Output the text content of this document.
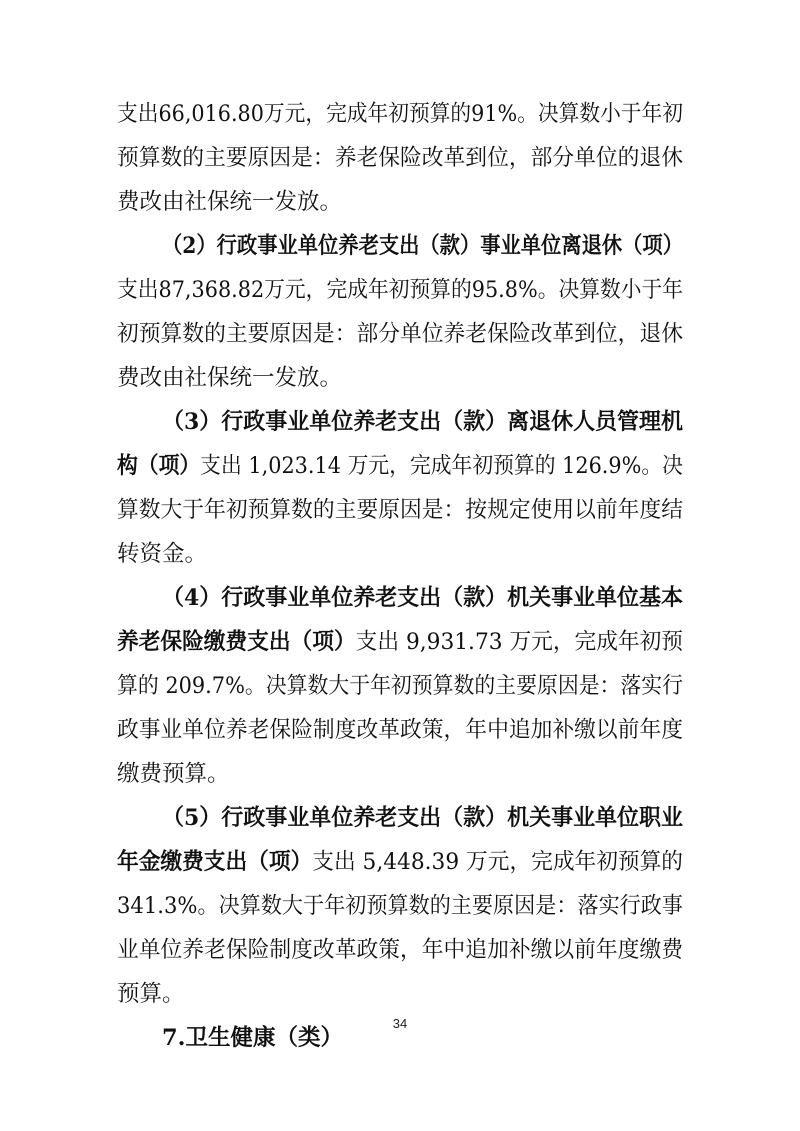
支出66,016.80万元，完成年初预算的91%。决算数小于年初
预算数的主要原因是：养老保险改革到位，部分单位的退休
费改由社保统一发放。
（2）行政事业单位养老支出（款）事业单位离退休（项）
支出87,368.82万元，完成年初预算的95.8%。决算数小于年
初预算数的主要原因是：部分单位养老保险改革到位，退休
费改由社保统一发放。
（3）行政事业单位养老支出（款）离退休人员管理机
构（项） 支出 1,023.14 万元，完成年初预算的 126.9%。决
算数大于年初预算数的主要原因是：按规定使用以前年度结
转资金。
（4）行政事业单位养老支出（款）机关事业单位基本
养老保险缴费支出（项） 支出 9,931.73 万元，完成年初预
算的 209.7%。决算数大于年初预算数的主要原因是：落实行
政事业单位养老保险制度改革政策，年中追加补缴以前年度
缴费预算。
（5）行政事业单位养老支出（款）机关事业单位职业
年金缴费支出（项） 支出 5,448.39 万元，完成年初预算的
341.3%。决算数大于年初预算数的主要原因是：落实行政事
业单位养老保险制度改革政策，年中追加补缴以前年度缴费
预算。
7.卫生健康（类）
34
